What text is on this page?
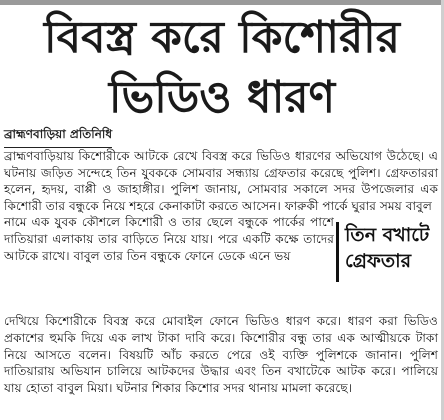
বিবস্ত্র করে কিশোরীর
ভিডিও ধারণ
ব্রাহ্মণবাড়িয়া প্রতিনিধি

ব্রাহ্মণবাড়িয়ায় কিশোরীকে আটকে রেখে বিবস্ত্র করে ভিডিও ধারণের অভিযোগ উঠেছে। এ ঘটনায় জড়িত সন্দেহে তিন যুবককে সোমবার সন্ধ্যায় গ্রেফতার করেছে পুলিশ। গ্রেফতাররা হলেন, হৃদয়, বাপ্পী ও জাহাঙ্গীর। পুলিশ জানায়, সোমবার সকালে সদর উপজেলার এক কিশোরী তার বন্ধুকে নিয়ে শহরে কেনাকাটা করতে আসেন। ফারুকী পার্কে ঘুরার সময় বাবুল

নামে এক যুবক কৌশলে কিশোরী ও তার ছেলে বন্ধুকে পার্কের পাশে দাতিয়ারা এলাকায় তার বাড়িতে নিয়ে যায়। পরে একটি কক্ষে তাদের আটকে রাখে। বাবুল তার তিন বন্ধুকে ফোনে ডেকে এনে ভয়
তিন বখাটে
গ্রেফতার

দেখিয়ে কিশোরীকে বিবস্ত্র করে মোবাইল ফোনে ভিডিও ধারণ করে। ধারণ করা ভিডিও প্রকাশের হুমকি দিয়ে এক লাখ টাকা দাবি করে। কিশোরীর বন্ধু তার এক আত্মীয়কে টাকা নিয়ে আসতে বলেন। বিষয়টি আঁচ করতে পেরে ওই ব্যক্তি পুলিশকে জানান। পুলিশ দাতিয়ারায় অভিযান চালিয়ে আটকদের উদ্ধার এবং তিন বখাটেকে আটক করে। পালিয়ে যায় হোতা বাবুল মিয়া। ঘটনার শিকার কিশোর সদর থানায় মামলা করেছে।
